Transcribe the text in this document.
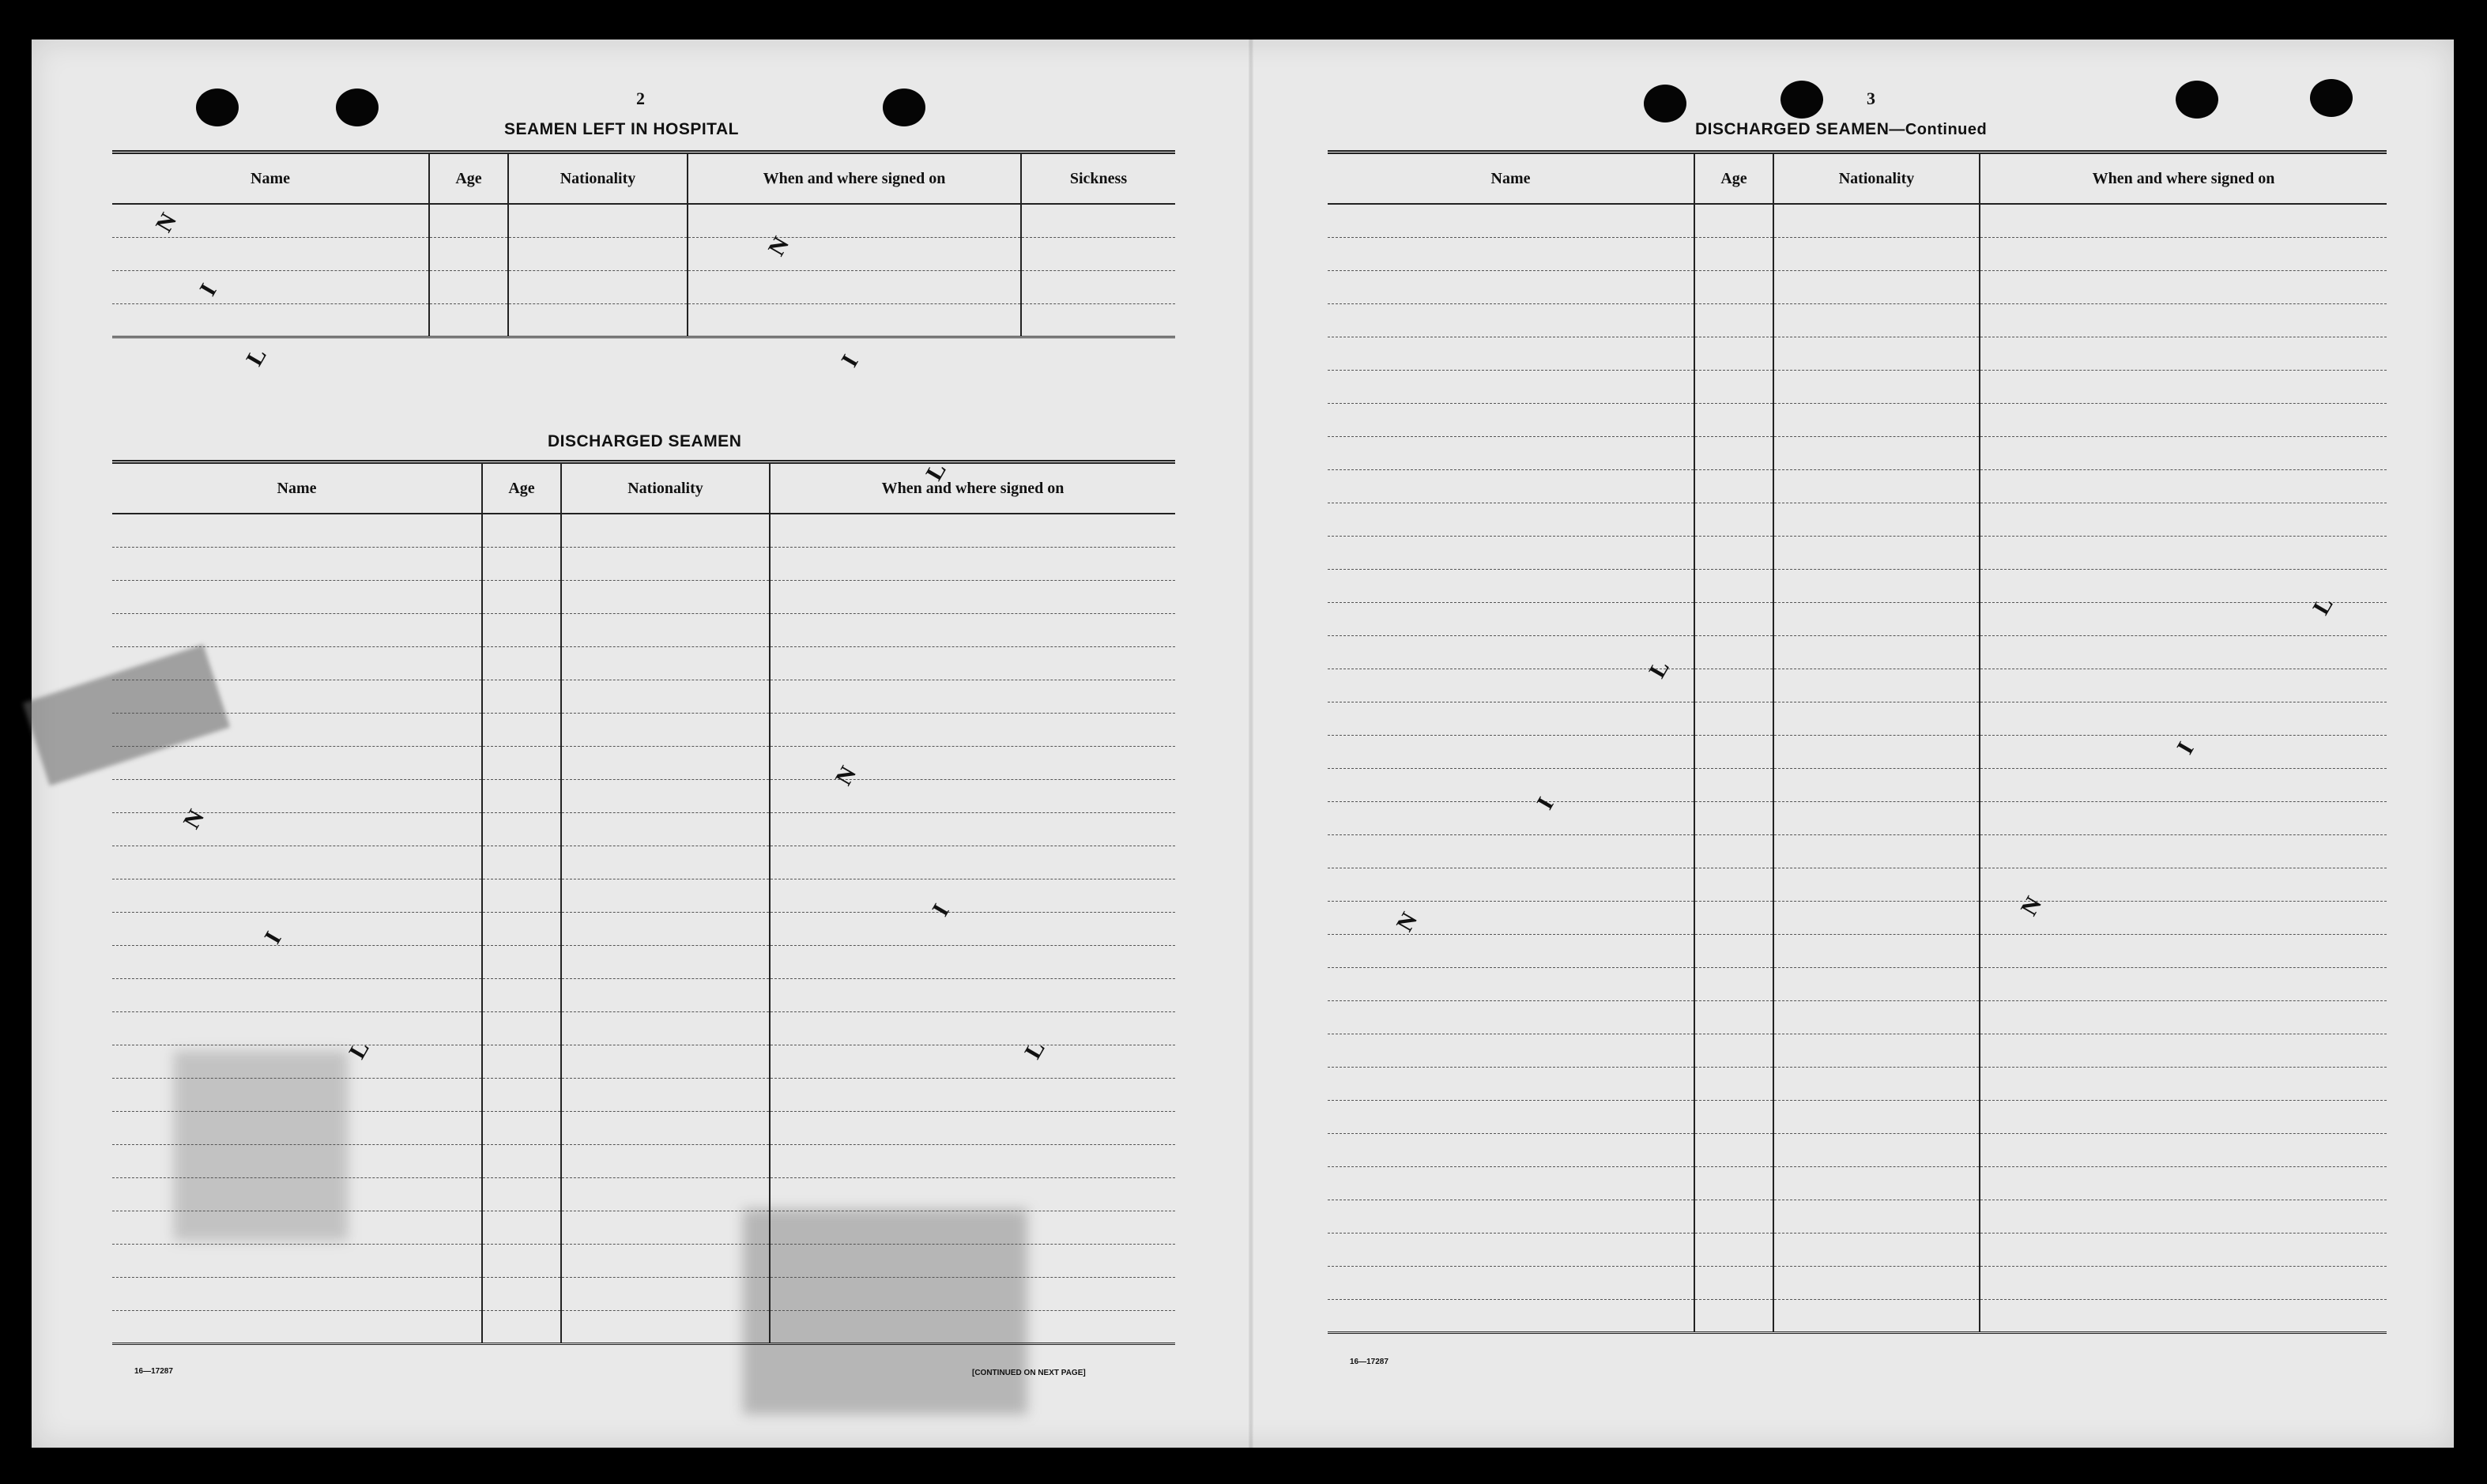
2
SEAMEN LEFT IN HOSPITAL
Name	Age	Nationality	When and where signed on	Sickness

DISCHARGED SEAMEN
Name	Age	Nationality	When and where signed on

16—17287	[CONTINUED ON NEXT PAGE]
3
DISCHARGED SEAMEN—Continued
Name	Age	Nationality	When and where signed on

16—17287
N
I
L
N
I
L
N
I
L
N
I
L
N
I
L
N
I
L
